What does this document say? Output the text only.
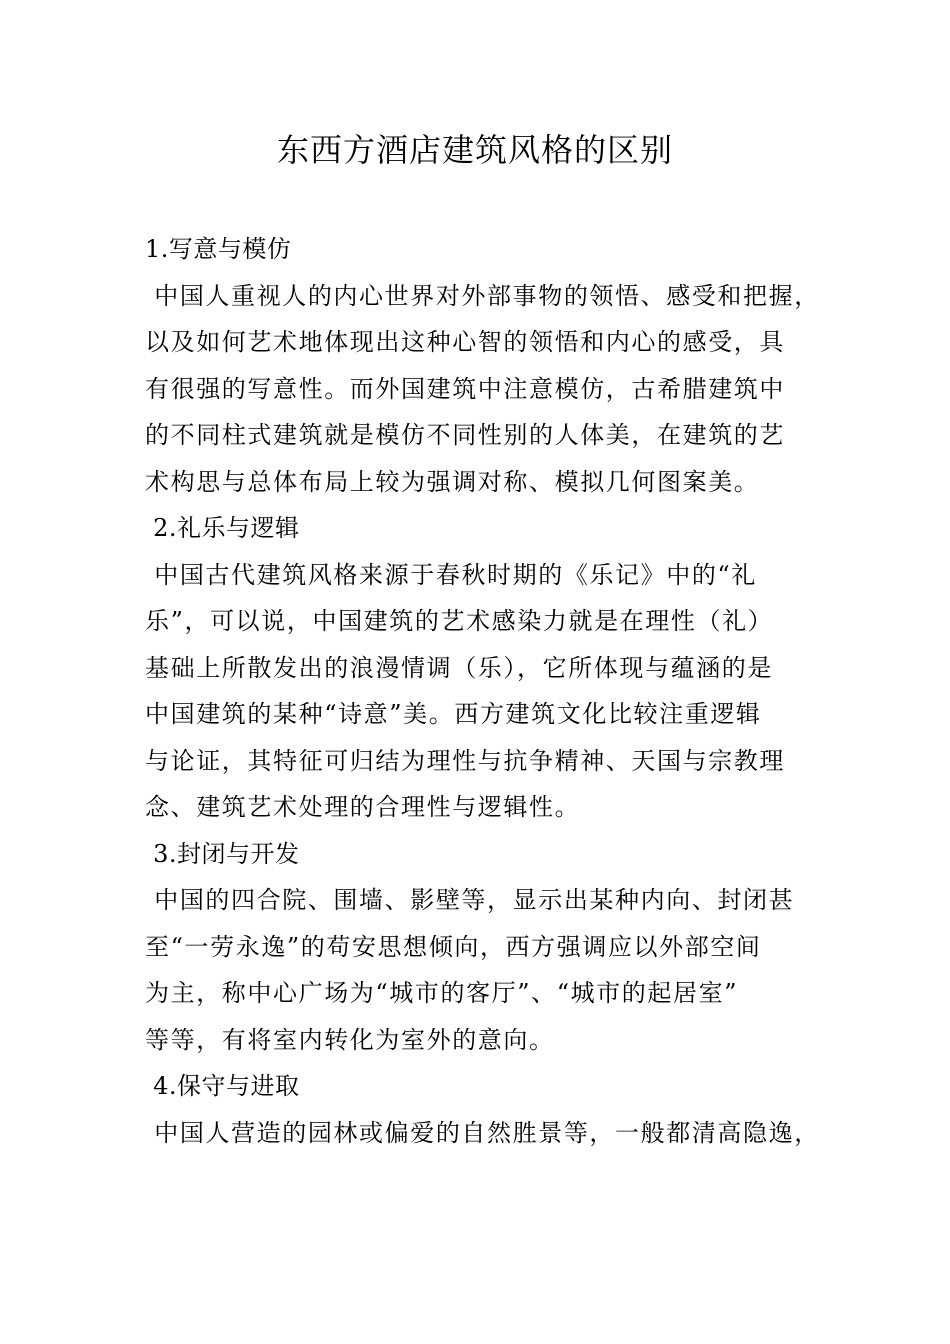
东西方酒店建筑风格的区别
1.写意与模仿
中国人重视人的内心世界对外部事物的领悟、感受和把握，
以及如何艺术地体现出这种心智的领悟和内心的感受，具
有很强的写意性。而外国建筑中注意模仿，古希腊建筑中
的不同柱式建筑就是模仿不同性别的人体美，在建筑的艺
术构思与总体布局上较为强调对称、模拟几何图案美。
2.礼乐与逻辑
中国古代建筑风格来源于春秋时期的《乐记》中的“礼
乐”，可以说，中国建筑的艺术感染力就是在理性（礼）
基础上所散发出的浪漫情调（乐），它所体现与蕴涵的是
中国建筑的某种“诗意”美。西方建筑文化比较注重逻辑
与论证，其特征可归结为理性与抗争精神、天国与宗教理
念、建筑艺术处理的合理性与逻辑性。
3.封闭与开发
中国的四合院、围墙、影壁等，显示出某种内向、封闭甚
至“一劳永逸”的苟安思想倾向，西方强调应以外部空间
为主，称中心广场为“城市的客厅”、“城市的起居室”
等等，有将室内转化为室外的意向。
4.保守与进取
中国人营造的园林或偏爱的自然胜景等，一般都清高隐逸，
